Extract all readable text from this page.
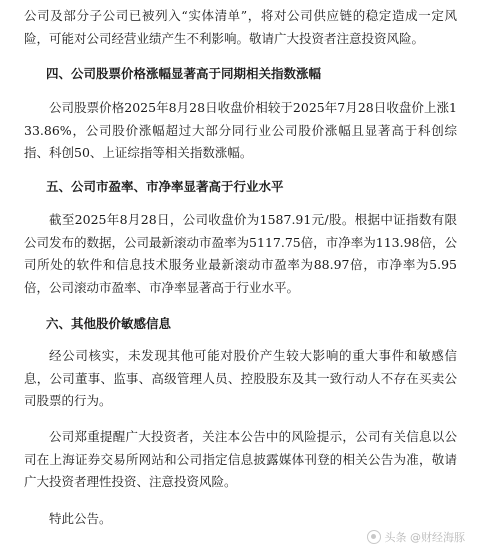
公司及部分子公司已被列入“实体清单”，将对公司供应链的稳定造成一定风险，可能对公司经营业绩产生不利影响。敬请广大投资者注意投资风险。

四、公司股票价格涨幅显著高于同期相关指数涨幅

公司股票价格2025年8月28日收盘价相较于2025年7月28日收盘价上涨133.86%，公司股价涨幅超过大部分同行业公司股价涨幅且显著高于科创综指、科创50、上证综指等相关指数涨幅。

五、公司市盈率、市净率显著高于行业水平

截至2025年8月28日，公司收盘价为1587.91元/股。根据中证指数有限公司发布的数据，公司最新滚动市盈率为5117.75倍，市净率为113.98倍，公司所处的软件和信息技术服务业最新滚动市盈率为88.97倍，市净率为5.95倍，公司滚动市盈率、市净率显著高于行业水平。

六、其他股价敏感信息

经公司核实，未发现其他可能对股价产生较大影响的重大事件和敏感信息，公司董事、监事、高级管理人员、控股股东及其一致行动人不存在买卖公司股票的行为。

公司郑重提醒广大投资者，关注本公告中的风险提示，公司有关信息以公司在上海证券交易所网站和公司指定信息披露媒体刊登的相关公告为准，敬请广大投资者理性投资、注意投资风险。

特此公告。

头条 @财经海豚
